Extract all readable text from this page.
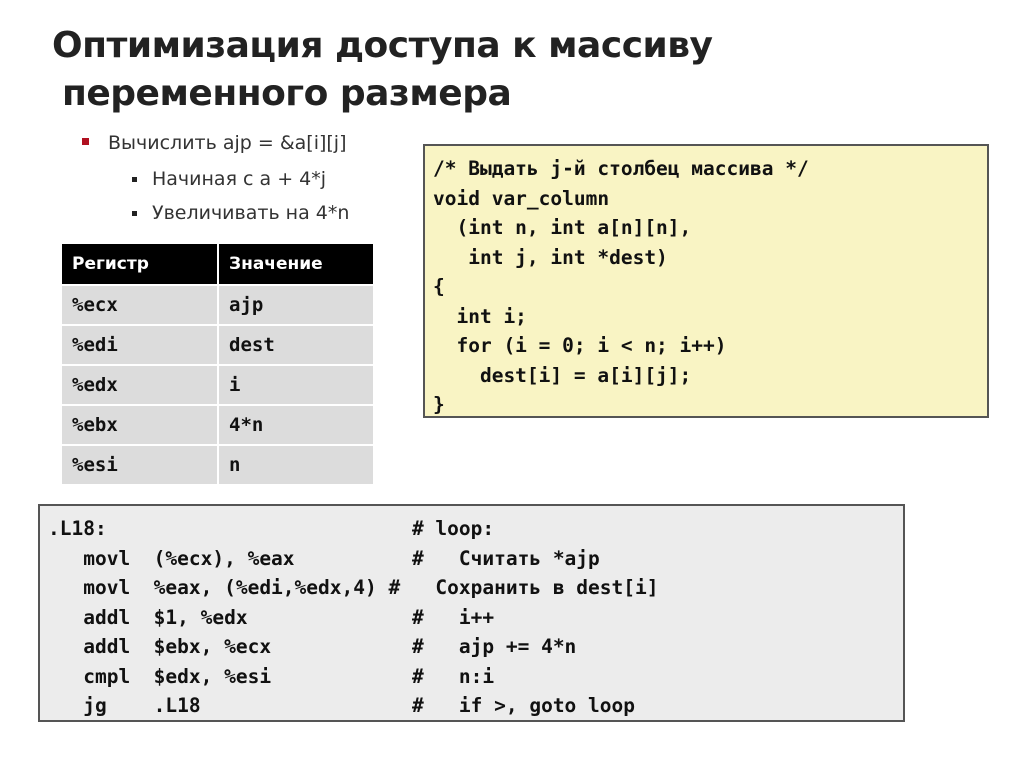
Оптимизация доступа к массиву
переменного размера
Вычислить ajp = &a[i][j]
Начиная с a + 4*j
Увеличивать на 4*n
Регистр	Значение
%ecx	ajp
%edi	dest
%edx	i
%ebx	4*n
%esi	n
/* Выдать j-й столбец массива */
void var_column
(int n, int a[n][n],
int j, int *dest)
{
int i;
for (i = 0; i < n; i++)
dest[i] = a[i][j];
}
.L18:                          # loop:
movl  (%ecx), %eax          #   Считать *ajp
movl  %eax, (%edi,%edx,4) #   Сохранить в dest[i]
addl  $1, %edx              #   i++
addl  $ebx, %ecx            #   ajp += 4*n
cmpl  $edx, %esi            #   n:i
jg    .L18                  #   if >, goto loop
